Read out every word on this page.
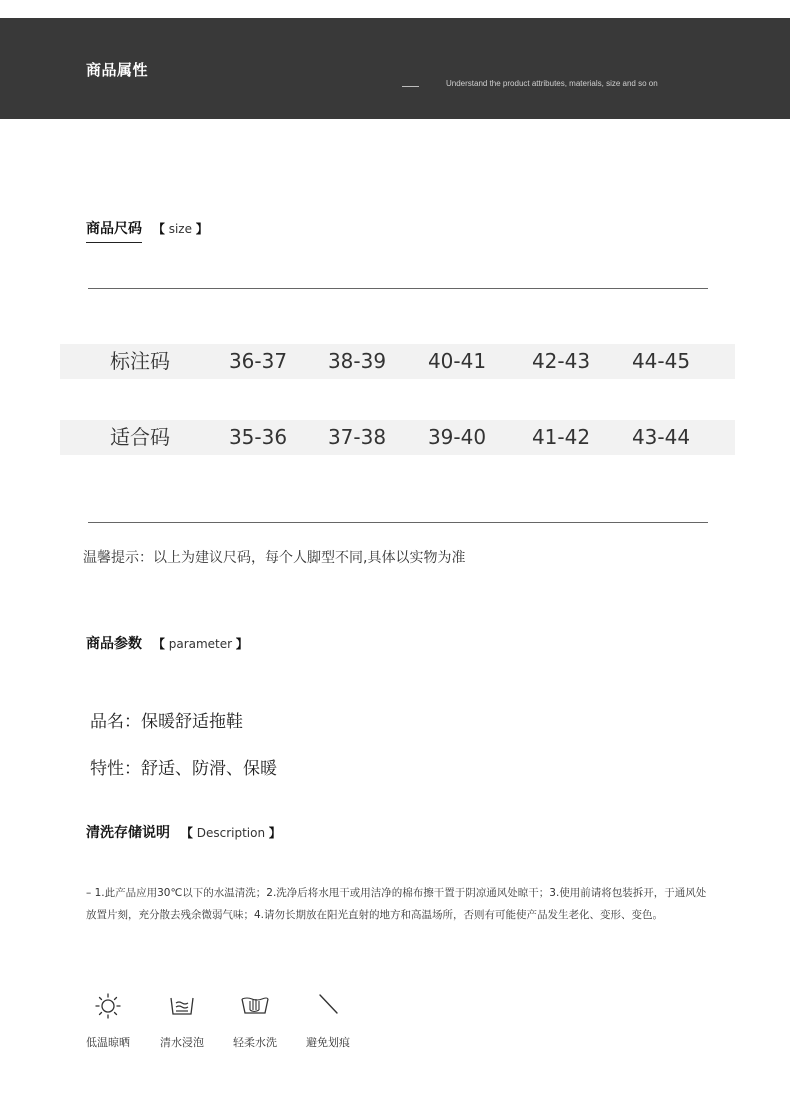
商品属性
Understand the product attributes, materials, size and so on
商品尺码 【 size 】
标注码	36-37	38-39	40-41	42-43	44-45
适合码	35-36	37-38	39-40	41-42	43-44
温馨提示：以上为建议尺码，每个人脚型不同,具体以实物为准
商品参数 【 parameter 】
品名：保暖舒适拖鞋
特性：舒适、防滑、保暖
清洗存储说明 【 Description 】
– 1.此产品应用30℃以下的水温清洗；2.洗净后将水甩干或用洁净的棉布擦干置于阴凉通风处晾干；3.使用前请将包装拆开，于通风处放置片刻，充分散去残余微弱气味；4.请勿长期放在阳光直射的地方和高温场所，否则有可能使产品发生老化、变形、变色。
低温晾晒	清水浸泡	轻柔水洗	避免划痕
